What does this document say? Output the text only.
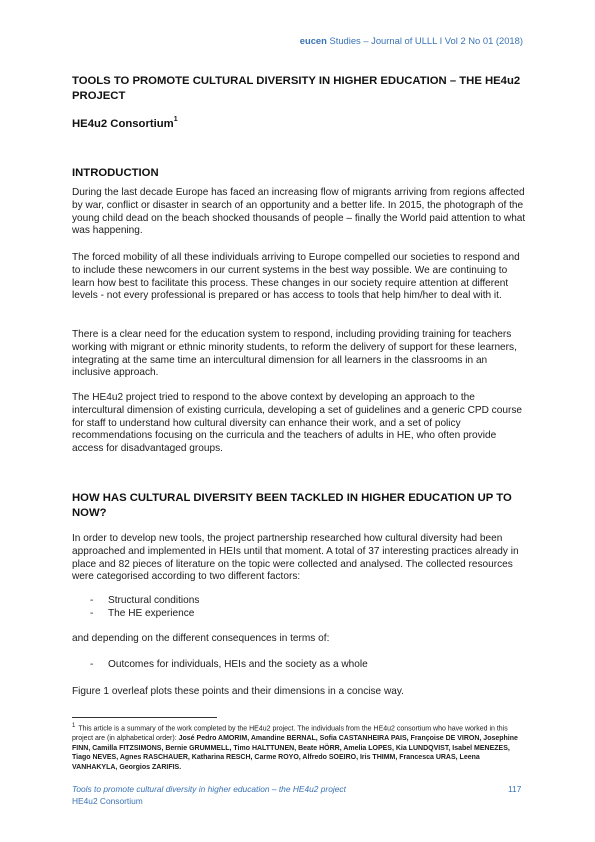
eucen Studies – Journal of ULLL I Vol 2 No 01 (2018)
TOOLS TO PROMOTE CULTURAL DIVERSITY IN HIGHER EDUCATION – THE HE4u2 PROJECT

HE4u2 Consortium$^1$

INTRODUCTION

During the last decade Europe has faced an increasing flow of migrants arriving from regions affected by war, conflict or disaster in search of an opportunity and a better life. In 2015, the photograph of the young child dead on the beach shocked thousands of people – finally the World paid attention to what was happening.

The forced mobility of all these individuals arriving to Europe compelled our societies to respond and to include these newcomers in our current systems in the best way possible. We are continuing to learn how best to facilitate this process. These changes in our society require attention at different levels - not every professional is prepared or has access to tools that help him/her to deal with it.

There is a clear need for the education system to respond, including providing training for teachers working with migrant or ethnic minority students, to reform the delivery of support for these learners, integrating at the same time an intercultural dimension for all learners in the classrooms in an inclusive approach.

The HE4u2 project tried to respond to the above context by developing an approach to the intercultural dimension of existing curricula, developing a set of guidelines and a generic CPD course for staff to understand how cultural diversity can enhance their work, and a set of policy recommendations focusing on the curricula and the teachers of adults in HE, who often provide access for disadvantaged groups.

HOW HAS CULTURAL DIVERSITY BEEN TACKLED IN HIGHER EDUCATION UP TO NOW?

In order to develop new tools, the project partnership researched how cultural diversity had been approached and implemented in HEIs until that moment. A total of 37 interesting practices already in place and 82 pieces of literature on the topic were collected and analysed. The collected resources were categorised according to two different factors:

- Structural conditions

- The HE experience

and depending on the different consequences in terms of:

- Outcomes for individuals, HEIs and the society as a whole

Figure 1 overleaf plots these points and their dimensions in a concise way.

$^1$ This article is a summary of the work completed by the HE4u2 project. The individuals from the HE4u2 consortium who have worked in this project are (in alphabetical order): José Pedro AMORIM, Amandine BERNAL, Sofia CASTANHEIRA PAIS, Françoise DE VIRON, Josephine FINN, Camilla FITZSIMONS, Bernie GRUMMELL, Timo HALTTUNEN, Beate HÖRR, Amelia LOPES, Kia LUNDQVIST, Isabel MENEZES, Tiago NEVES, Agnes RASCHAUER, Katharina RESCH, Carme ROYO, Alfredo SOEIRO, Iris THIMM, Francesca URAS, Leena VANHAKYLA, Georgios ZARIFIS.

Tools to promote cultural diversity in higher education – the HE4u2 project	117
HE4u2 Consortium
